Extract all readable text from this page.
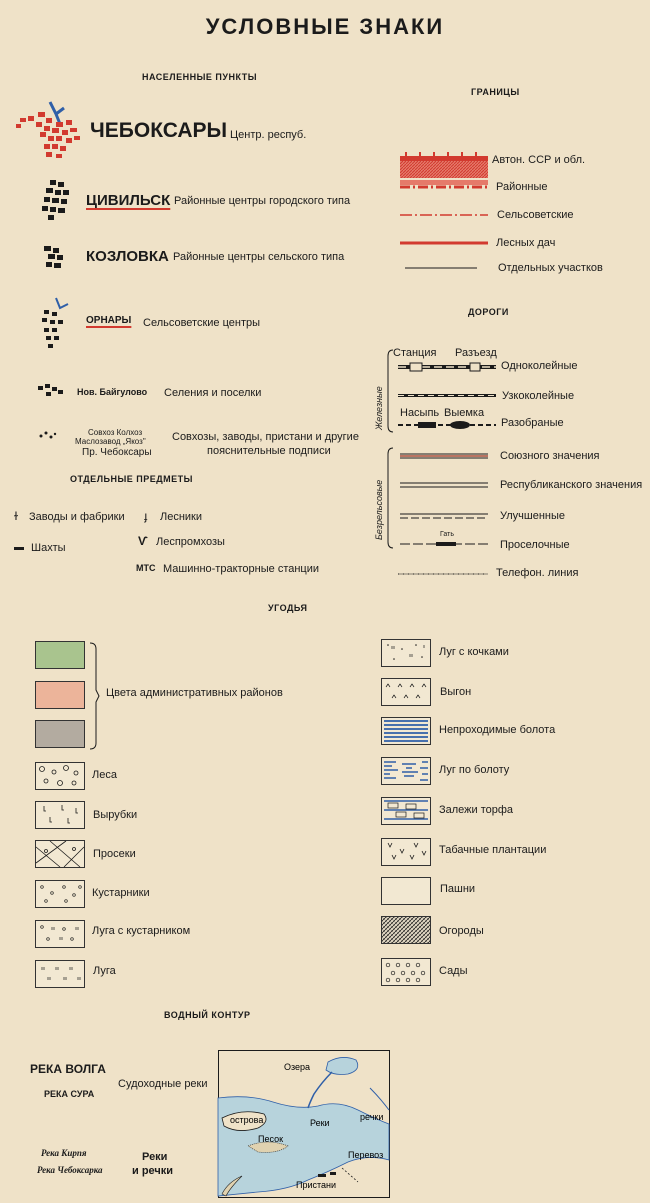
УСЛОВНЫЕ ЗНАКИ
НАСЕЛЕННЫЕ ПУНКТЫ
ЧЕБОКСАРЫ Центр. респуб.
ЦИВИЛЬСК Районные центры городского типа
КОЗЛОВКА Районные центры сельского типа
ОРНАРЫ Сельсоветские центры
Нов. Байгулово Селения и поселки
Совхоз Колхоз
Маслозавод „Якоз"
Пр. Чебоксары
Совхозы, заводы, пристани и другие
пояснительные подписи
ОТДЕЛЬНЫЕ ПРЕДМЕТЫ
ɫ Заводы и фабрики ɟ Лесники
▬ Шахты	Ѵ Леспромхозы
МТС Машинно-тракторные станции
ГРАНИЦЫ
Автон. ССР и обл.
Районные
Сельсоветские
Лесных дач
Отдельных участков
ДОРОГИ
Железные
Станция Разъезд
Одноколейные
Узкоколейные
Насыпь Выемка
Разобраные
Безрельсовые
Союзного значения
Республиканского значения
Улучшенные
Гать
Проселочные
Телефон. линия
УГОДЬЯ
Цвета административных районов
Леса
Вырубки
Просеки
Кустарники
Луга с кустарником
Луга
Луг с кочками
Выгон
Непроходимые болота
Луг по болоту
Залежи торфа
Табачные плантации
Пашни
Огороды
Сады
ВОДНЫЙ КОНТУР
РЕКА ВОЛГА
РЕКА СУРА
Судоходные реки
Река Кирпя
Река Чебоксарка
Реки
и речки
Озера
острова	Реки
речки
Песок
Перевоз
Пристани
